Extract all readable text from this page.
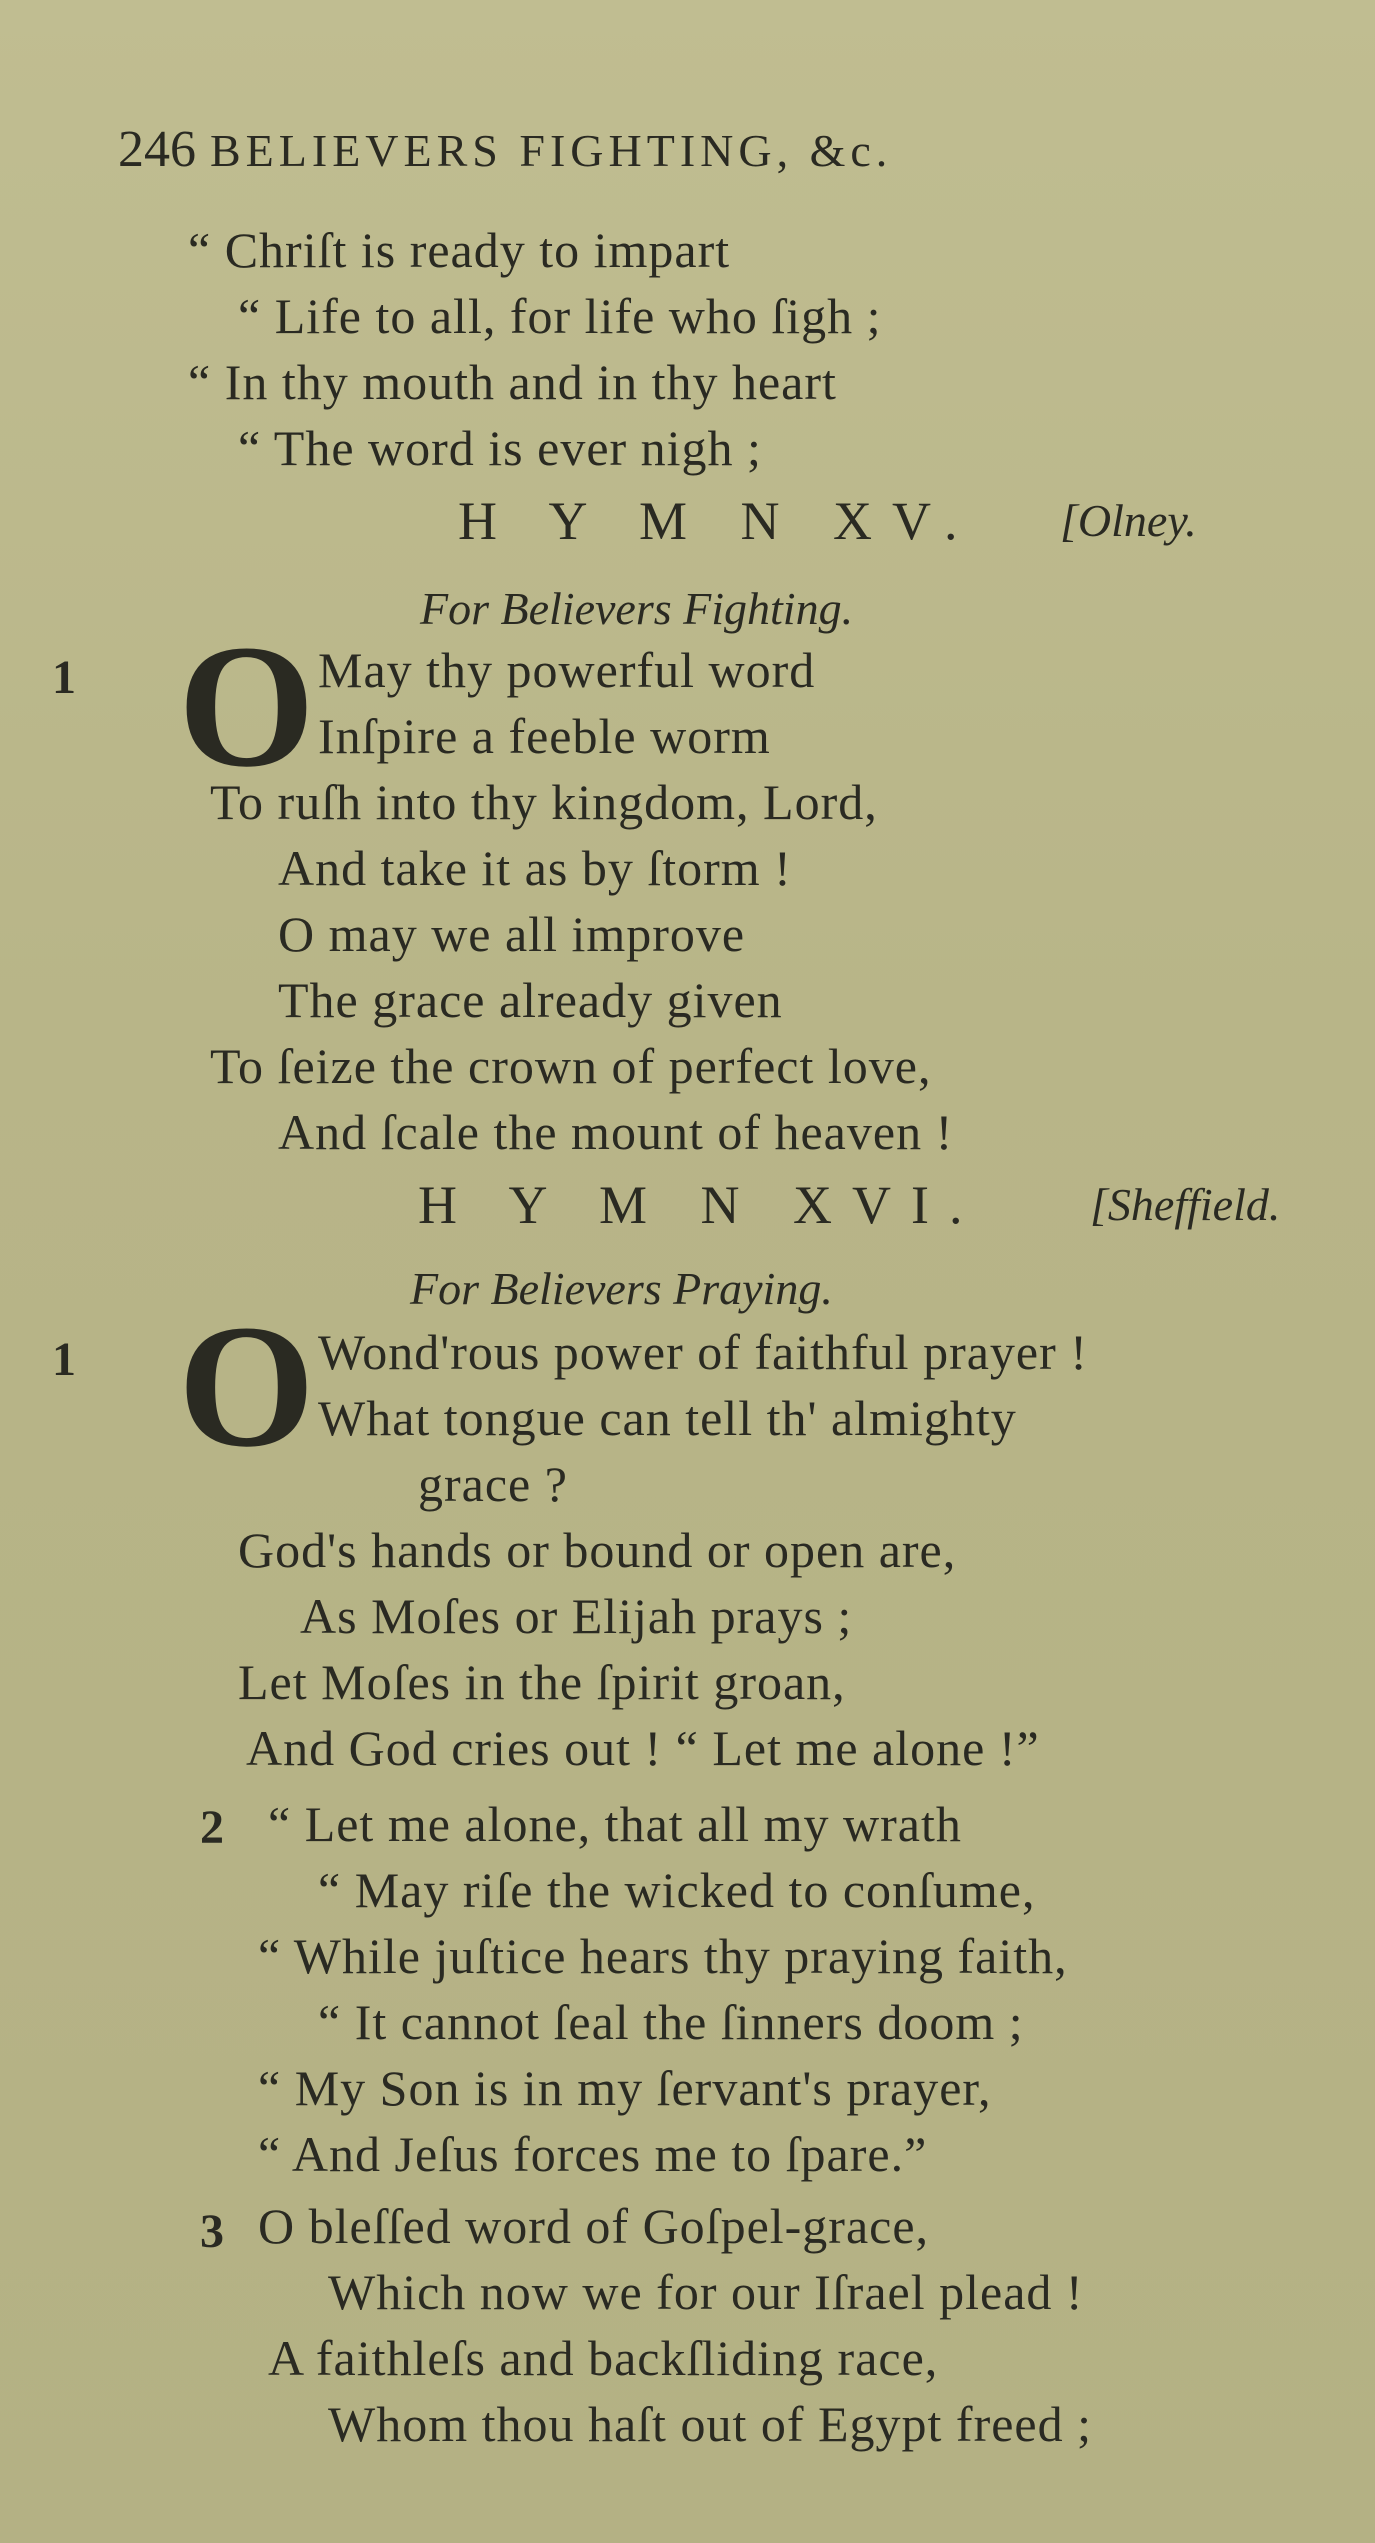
246 BELIEVERS FIGHTING, &c.
“ Chriſt is ready to impart
“ Life to all, for life who ſigh ;
“ In thy mouth and in thy heart
“ The word is ever nigh ;
H Y M N XV. [Olney.
For Believers Fighting.
1 O May thy powerful word
Inſpire a feeble worm
To ruſh into thy kingdom, Lord,
And take it as by ſtorm !
O may we all improve
The grace already given
To ſeize the crown of perfect love,
And ſcale the mount of heaven !
H Y M N XVI. [Sheffield.
For Believers Praying.
1 O Wond'rous power of faithful prayer !
What tongue can tell th' almighty
grace ?
God's hands or bound or open are,
As Moſes or Elijah prays ;
Let Moſes in the ſpirit groan,
And God cries out ! “ Let me alone !”
2 “ Let me alone, that all my wrath
“ May riſe the wicked to conſume,
“ While juſtice hears thy praying faith,
“ It cannot ſeal the ſinners doom ;
“ My Son is in my ſervant's prayer,
“ And Jeſus forces me to ſpare.”
3 O bleſſed word of Goſpel-grace,
Which now we for our Iſrael plead !
A faithleſs and backſliding race,
Whom thou haſt out of Egypt freed ;
